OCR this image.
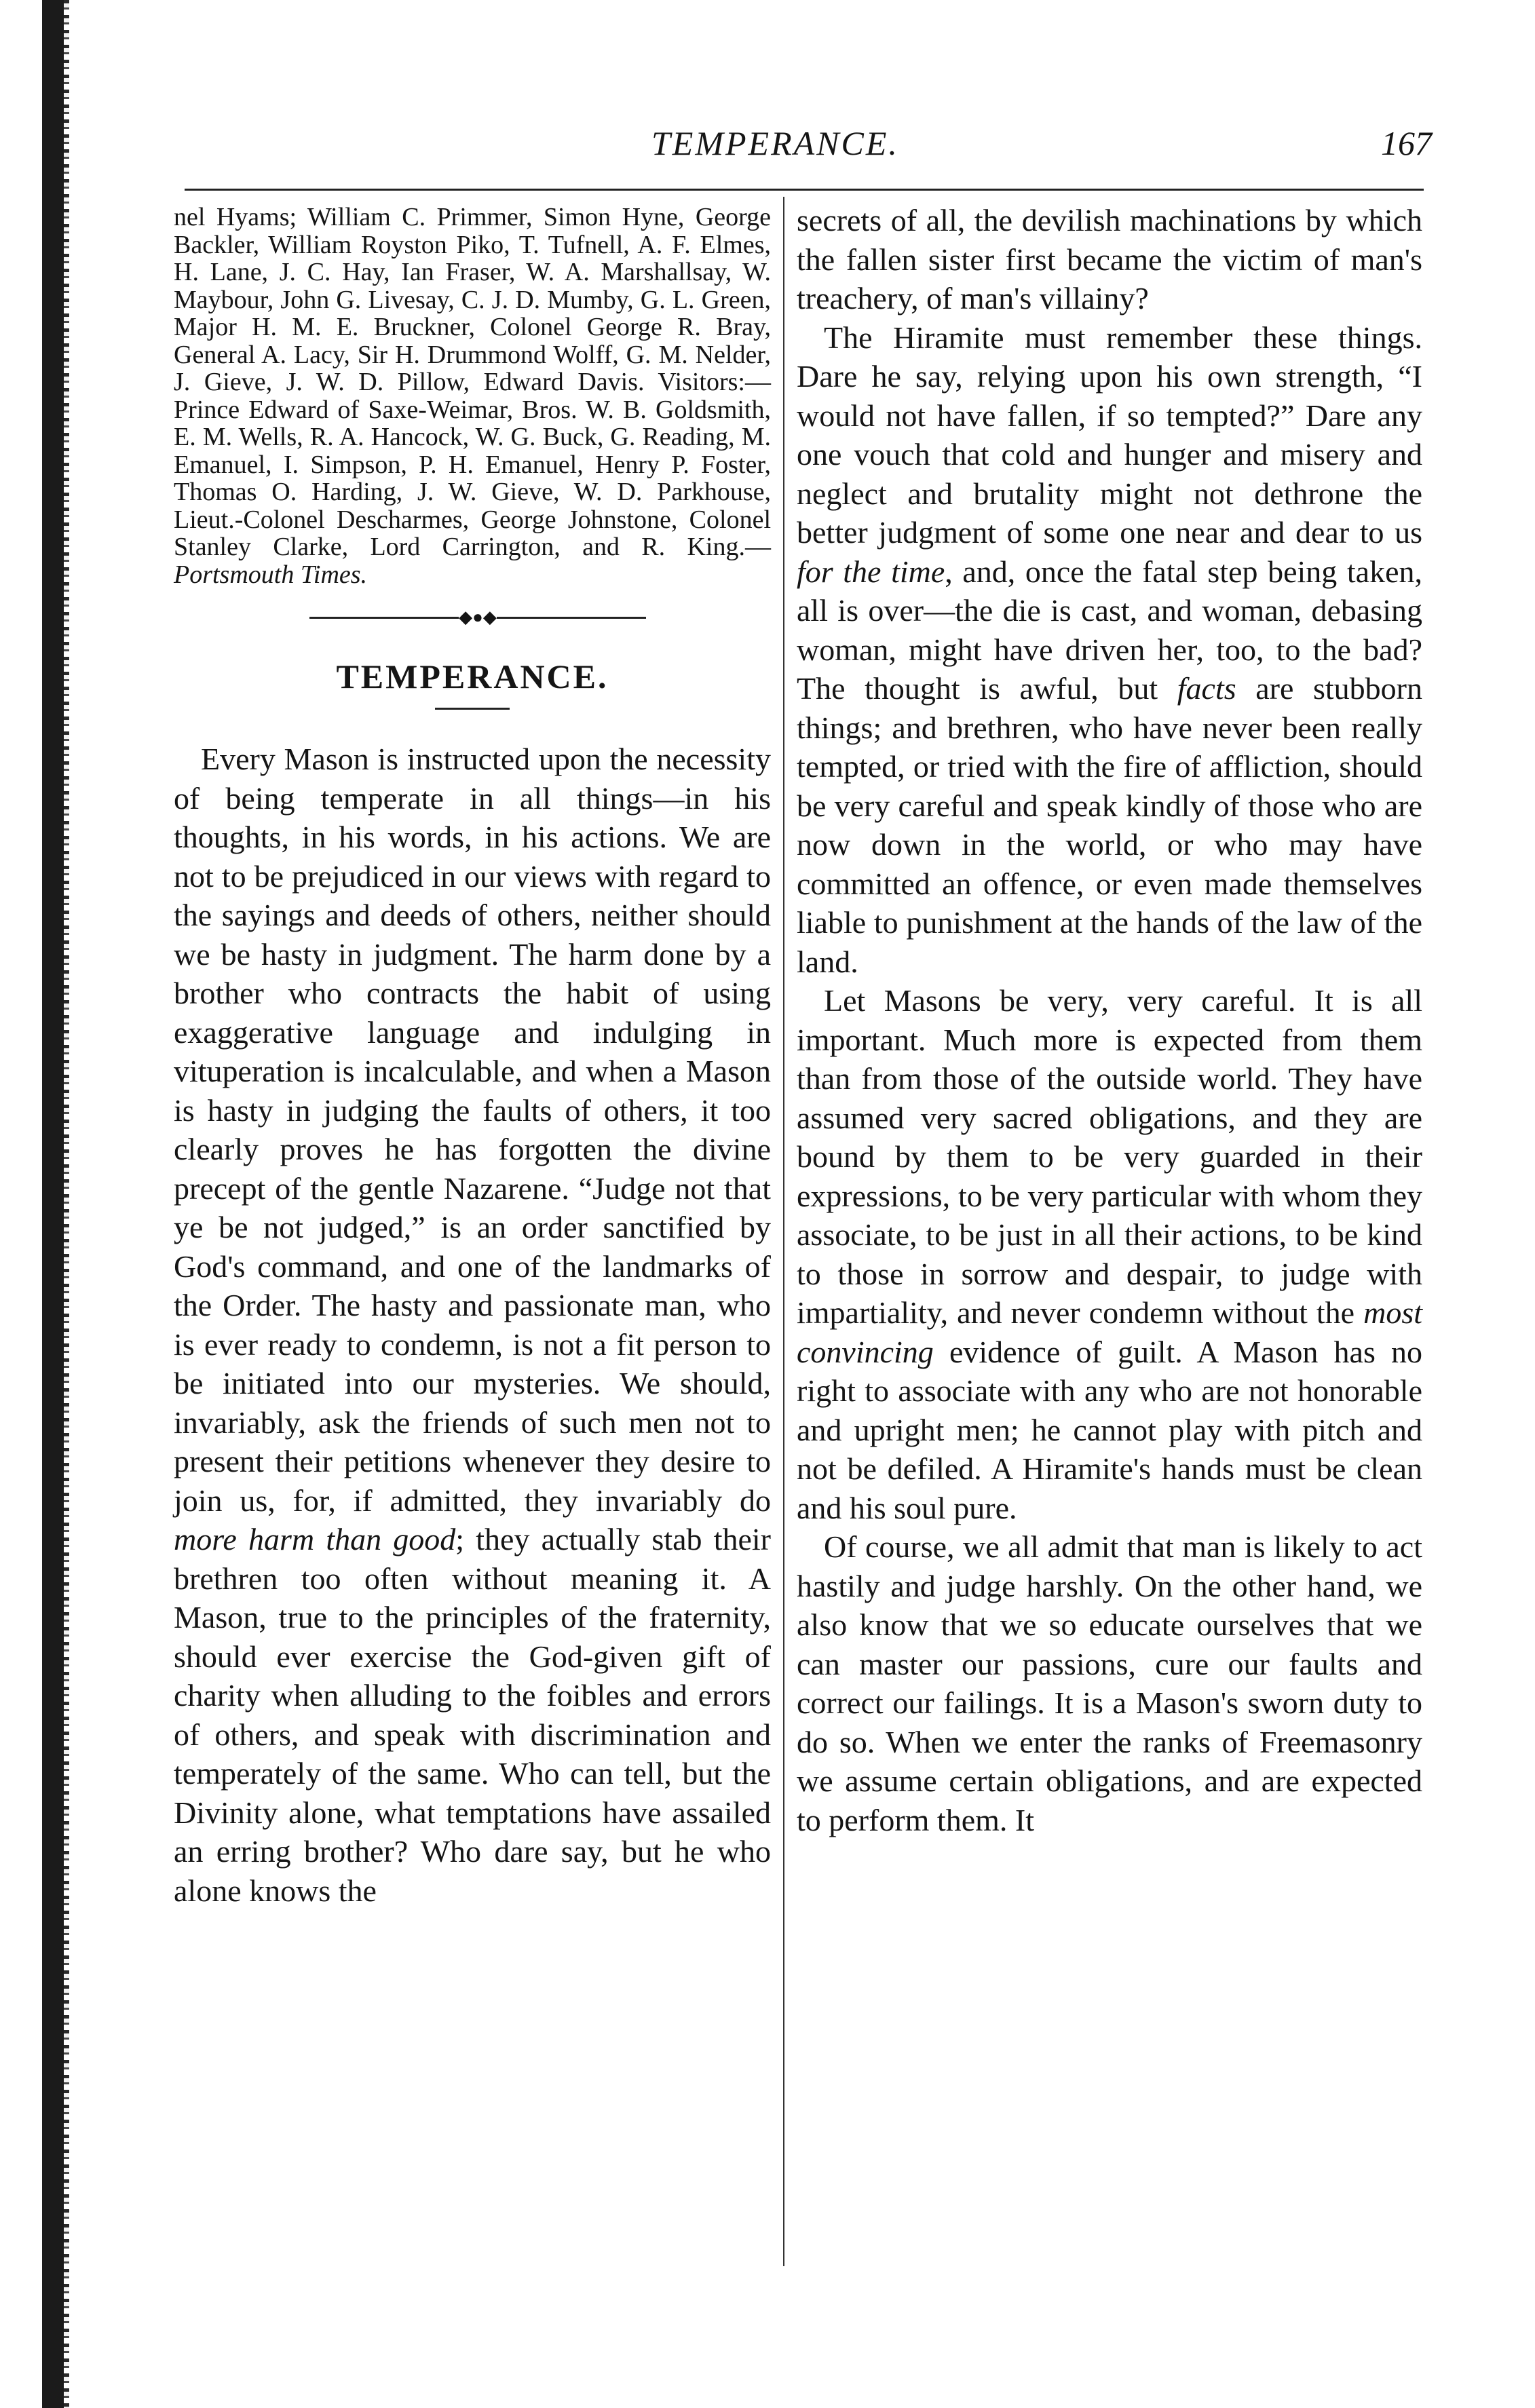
TEMPERANCE.	167

nel Hyams; William C. Primmer, Simon Hyne, George Backler, William Royston Piko, T. Tufnell, A. F. Elmes, H. Lane, J. C. Hay, Ian Fraser, W. A. Marshallsay, W. Maybour, John G. Livesay, C. J. D. Mumby, G. L. Green, Major H. M. E. Bruckner, Colonel George R. Bray, General A. Lacy, Sir H. Drummond Wolff, G. M. Nelder, J. Gieve, J. W. D. Pillow, Edward Davis. Visitors:—Prince Edward of Saxe-Weimar, Bros. W. B. Goldsmith, E. M. Wells, R. A. Hancock, W. G. Buck, G. Reading, M. Emanuel, I. Simpson, P. H. Emanuel, Henry P. Foster, Thomas O. Harding, J. W. Gieve, W. D. Parkhouse, Lieut.-Colonel Descharmes, George Johnstone, Colonel Stanley Clarke, Lord Carrington, and R. King.—Portsmouth Times.

◆●◆
TEMPERANCE.

Every Mason is instructed upon the necessity of being temperate in all things—in his thoughts, in his words, in his actions. We are not to be prejudiced in our views with regard to the sayings and deeds of others, neither should we be hasty in judgment. The harm done by a brother who contracts the habit of using exaggerative language and indulging in vituperation is incalculable, and when a Mason is hasty in judging the faults of others, it too clearly proves he has forgotten the divine precept of the gentle Nazarene. “Judge not that ye be not judged,” is an order sanctified by God's command, and one of the landmarks of the Order. The hasty and passionate man, who is ever ready to condemn, is not a fit person to be initiated into our mysteries. We should, invariably, ask the friends of such men not to present their petitions whenever they desire to join us, for, if admitted, they invariably do more harm than good; they actually stab their brethren too often without meaning it. A Mason, true to the principles of the fraternity, should ever exercise the God-given gift of charity when alluding to the foibles and errors of others, and speak with discrimination and temperately of the same. Who can tell, but the Divinity alone, what temptations have assailed an erring brother? Who dare say, but he who alone knows the

secrets of all, the devilish machinations by which the fallen sister first became the victim of man's treachery, of man's villainy?

The Hiramite must remember these things. Dare he say, relying upon his own strength, “I would not have fallen, if so tempted?” Dare any one vouch that cold and hunger and misery and neglect and brutality might not dethrone the better judgment of some one near and dear to us for the time, and, once the fatal step being taken, all is over—the die is cast, and woman, debasing woman, might have driven her, too, to the bad? The thought is awful, but facts are stubborn things; and brethren, who have never been really tempted, or tried with the fire of affliction, should be very careful and speak kindly of those who are now down in the world, or who may have committed an offence, or even made themselves liable to punishment at the hands of the law of the land.

Let Masons be very, very careful. It is all important. Much more is expected from them than from those of the outside world. They have assumed very sacred obligations, and they are bound by them to be very guarded in their expressions, to be very particular with whom they associate, to be just in all their actions, to be kind to those in sorrow and despair, to judge with impartiality, and never condemn without the most convincing evidence of guilt. A Mason has no right to associate with any who are not honorable and upright men; he cannot play with pitch and not be defiled. A Hiramite's hands must be clean and his soul pure.

Of course, we all admit that man is likely to act hastily and judge harshly. On the other hand, we also know that we so educate ourselves that we can master our passions, cure our faults and correct our failings. It is a Mason's sworn duty to do so. When we enter the ranks of Freemasonry we assume certain obligations, and are expected to perform them. It
